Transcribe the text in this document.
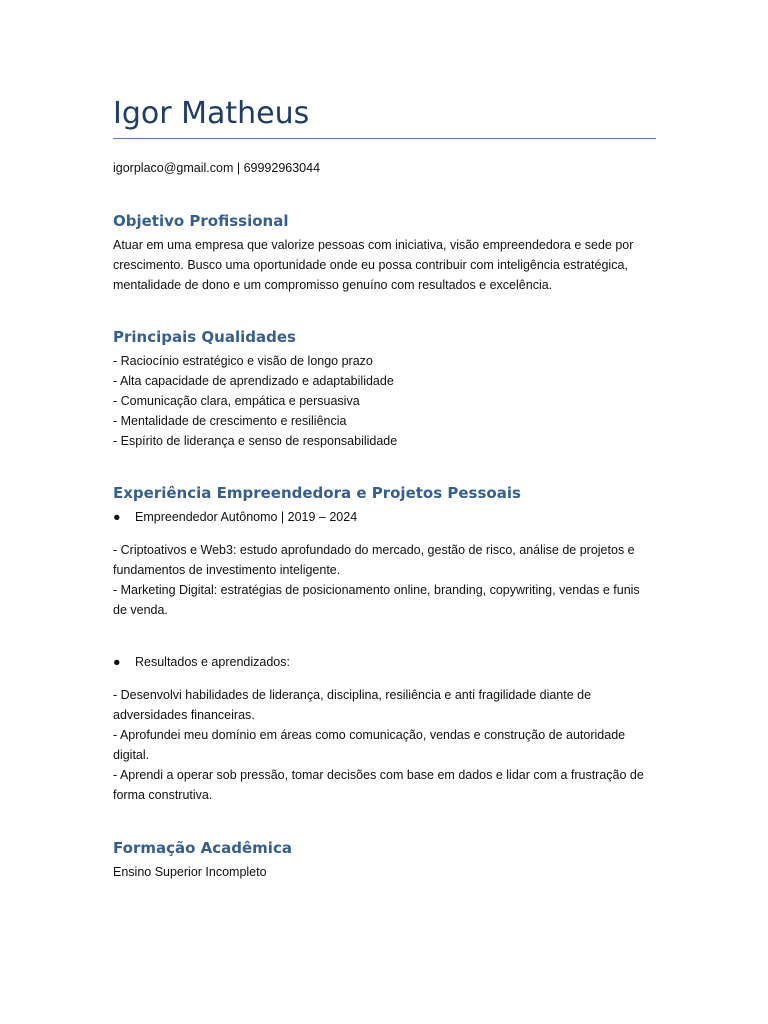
Igor Matheus
igorplaco@gmail.com | 69992963044
Objetivo Profissional
Atuar em uma empresa que valorize pessoas com iniciativa, visão empreendedora e sede por
crescimento. Busco uma oportunidade onde eu possa contribuir com inteligência estratégica,
mentalidade de dono e um compromisso genuíno com resultados e excelência.
Principais Qualidades
- Raciocínio estratégico e visão de longo prazo
- Alta capacidade de aprendizado e adaptabilidade
- Comunicação clara, empática e persuasiva
- Mentalidade de crescimento e resiliência
- Espírito de liderança e senso de responsabilidade
Experiência Empreendedora e Projetos Pessoais
●	Empreendedor Autônomo | 2019 – 2024
- Criptoativos e Web3: estudo aprofundado do mercado, gestão de risco, análise de projetos e
fundamentos de investimento inteligente.
- Marketing Digital: estratégias de posicionamento online, branding, copywriting, vendas e funis
de venda.
●	Resultados e aprendizados:
- Desenvolvi habilidades de liderança, disciplina, resiliência e anti fragilidade diante de
adversidades financeiras.
- Aprofundei meu domínio em áreas como comunicação, vendas e construção de autoridade
digital.
- Aprendi a operar sob pressão, tomar decisões com base em dados e lidar com a frustração de
forma construtiva.
Formação Acadêmica
Ensino Superior Incompleto
